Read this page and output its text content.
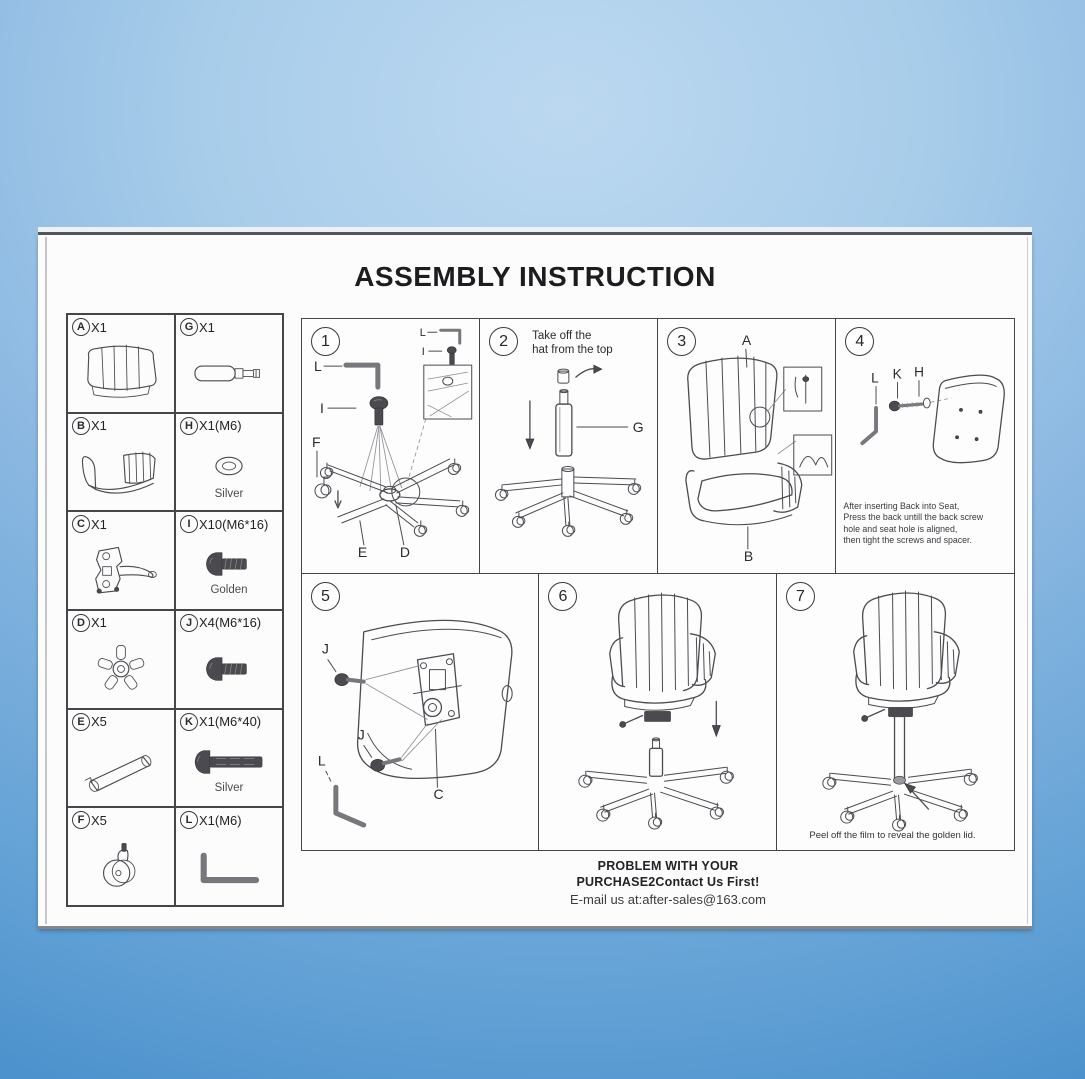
ASSEMBLY INSTRUCTION
A X1	G X1
B X1	H X1(M6)
Silver
C X1	I X10(M6*16)
Golden
D X1	J X4(M6*16)
E X5	K X1(M6*40)
Silver
F X5	L X1(M6)
1
L
I
L
I
F
E D
2	Take off the
hat from the top
G
3	A
B
4
L K H
After inserting Back into Seat,
Press the back untill the back screw
hole and seat hole is aligned,
then tight the screws and spacer.
5
J
J
L
C
6	7
Peel off the film to reveal the golden lid.
PROBLEM WITH YOUR
PURCHASE2Contact Us First!
E-mail us at:after-sales@163.com
